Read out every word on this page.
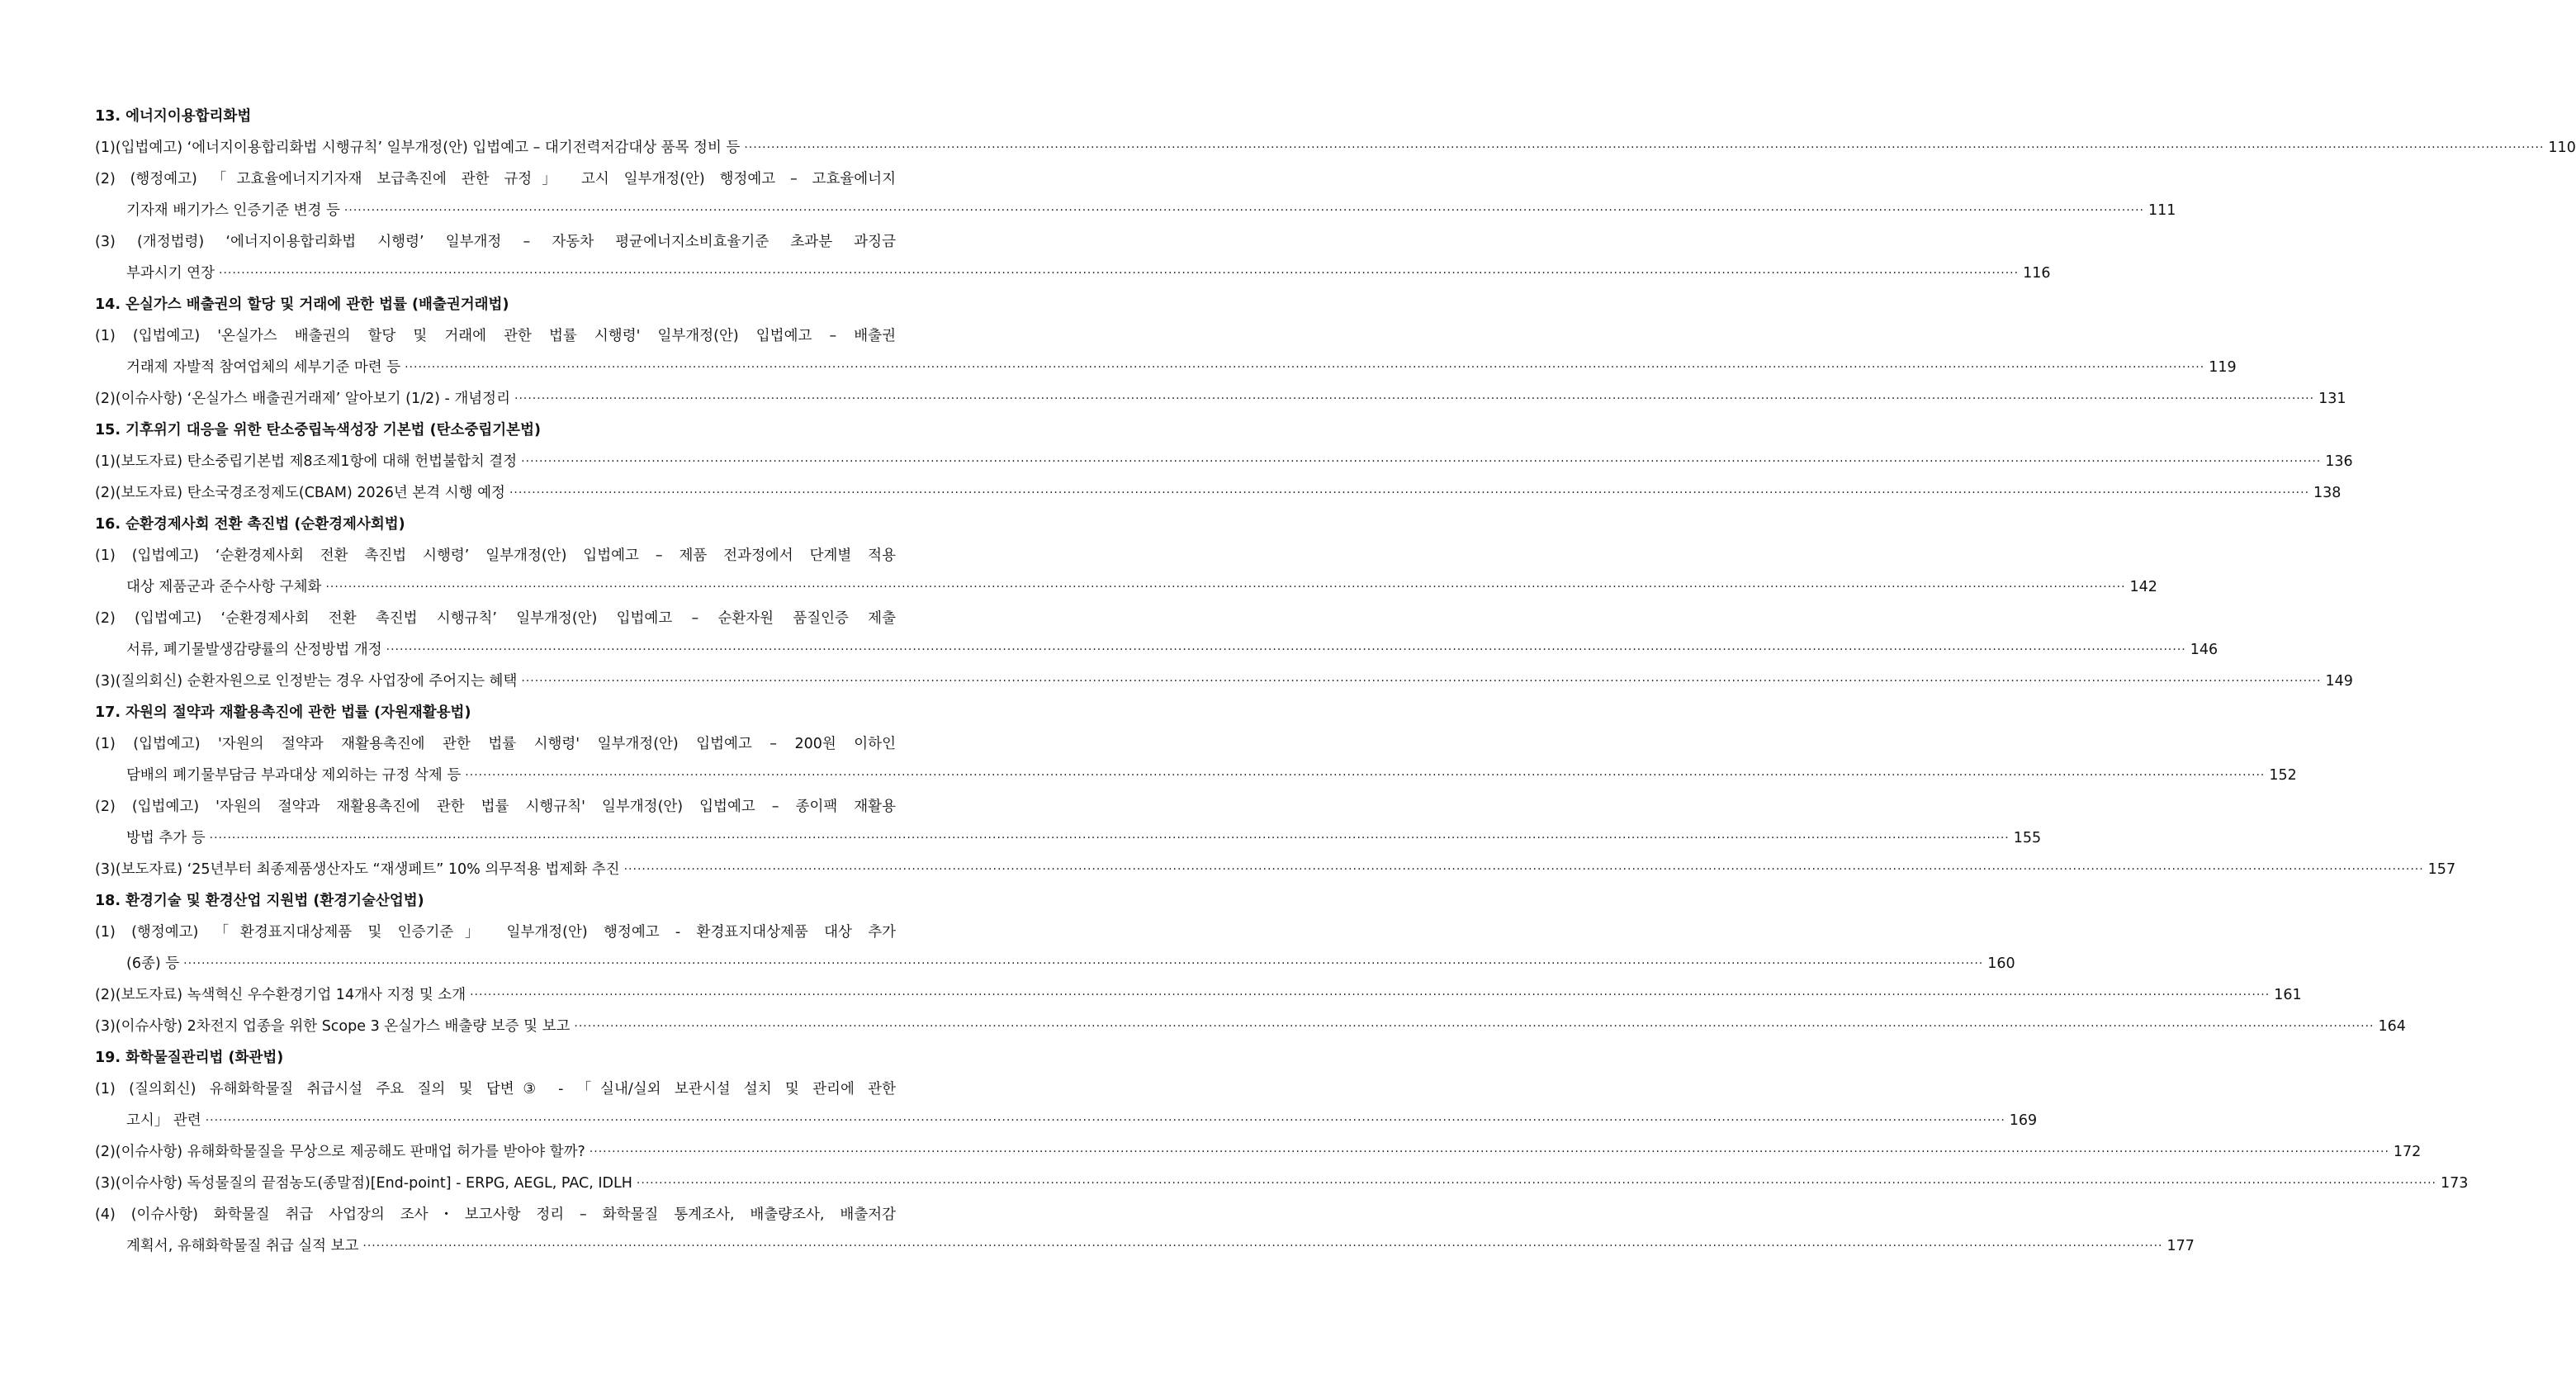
13. 에너지이용합리화법
(1) (입법예고) ‘에너지이용합리화법 시행규칙’ 일부개정(안) 입법예고 – 대기전력저감대상 품목 정비 등 ················································································································································································································································································································································································································ 110
(2) (행정예고) 「고효율에너지기자재 보급촉진에 관한 규정」 고시 일부개정(안) 행정예고 – 고효율에너지
기자재 배기가스 인증기준 변경 등 ················································································································································································································································································································································································································ 111
(3) (개정법령) ‘에너지이용합리화법 시행령’ 일부개정 – 자동차 평균에너지소비효율기준 초과분 과징금
부과시기 연장 ················································································································································································································································································································································································································ 116
14. 온실가스 배출권의 할당 및 거래에 관한 법률 (배출권거래법)
(1) (입법예고) '온실가스 배출권의 할당 및 거래에 관한 법률 시행령' 일부개정(안) 입법예고 – 배출권
거래제 자발적 참여업체의 세부기준 마련 등 ················································································································································································································································································································································································································ 119
(2) (이슈사항) ‘온실가스 배출권거래제’ 알아보기 (1/2) - 개념정리 ················································································································································································································································································································································································································ 131
15. 기후위기 대응을 위한 탄소중립녹색성장 기본법 (탄소중립기본법)
(1) (보도자료) 탄소중립기본법 제8조제1항에 대해 헌법불합치 결정 ················································································································································································································································································································································································································ 136
(2) (보도자료) 탄소국경조정제도(CBAM) 2026년 본격 시행 예정 ················································································································································································································································································································································································································ 138
16. 순환경제사회 전환 촉진법 (순환경제사회법)
(1) (입법예고) ‘순환경제사회 전환 촉진법 시행령’ 일부개정(안) 입법예고 – 제품 전과정에서 단계별 적용
대상 제품군과 준수사항 구체화 ················································································································································································································································································································································································································ 142
(2) (입법예고) ‘순환경제사회 전환 촉진법 시행규칙’ 일부개정(안) 입법예고 – 순환자원 품질인증 제출
서류, 폐기물발생감량률의 산정방법 개정 ················································································································································································································································································································································································································ 146
(3) (질의회신) 순환자원으로 인정받는 경우 사업장에 주어지는 혜택 ················································································································································································································································································································································································································ 149
17. 자원의 절약과 재활용촉진에 관한 법률 (자원재활용법)
(1) (입법예고) '자원의 절약과 재활용촉진에 관한 법률 시행령' 일부개정(안) 입법예고 – 200원 이하인
담배의 폐기물부담금 부과대상 제외하는 규정 삭제 등 ················································································································································································································································································································································································································ 152
(2) (입법예고) '자원의 절약과 재활용촉진에 관한 법률 시행규칙' 일부개정(안) 입법예고 – 종이팩 재활용
방법 추가 등 ················································································································································································································································································································································································································ 155
(3) (보도자료) ‘25년부터 최종제품생산자도 “재생페트” 10% 의무적용 법제화 추진 ················································································································································································································································································································································································································ 157
18. 환경기술 및 환경산업 지원법 (환경기술산업법)
(1) (행정예고) 「환경표지대상제품 및 인증기준」 일부개정(안) 행정예고 - 환경표지대상제품 대상 추가
(6종) 등 ················································································································································································································································································································································································································ 160
(2) (보도자료) 녹색혁신 우수환경기업 14개사 지정 및 소개 ················································································································································································································································································································································································································ 161
(3) (이슈사항) 2차전지 업종을 위한 Scope 3 온실가스 배출량 보증 및 보고 ················································································································································································································································································································································································································ 164
19. 화학물질관리법 (화관법)
(1) (질의회신) 유해화학물질 취급시설 주요 질의 및 답변③ - 「실내/실외 보관시설 설치 및 관리에 관한
고시」 관련 ················································································································································································································································································································································································································ 169
(2) (이슈사항) 유해화학물질을 무상으로 제공해도 판매업 허가를 받아야 할까? ················································································································································································································································································································································································································ 172
(3) (이슈사항) 독성물질의 끝점농도(종말점)[End-point] - ERPG, AEGL, PAC, IDLH ················································································································································································································································································································································································································ 173
(4) (이슈사항) 화학물질 취급 사업장의 조사・보고사항 정리 – 화학물질 통계조사, 배출량조사, 배출저감
계획서, 유해화학물질 취급 실적 보고 ················································································································································································································································································································································································································ 177
